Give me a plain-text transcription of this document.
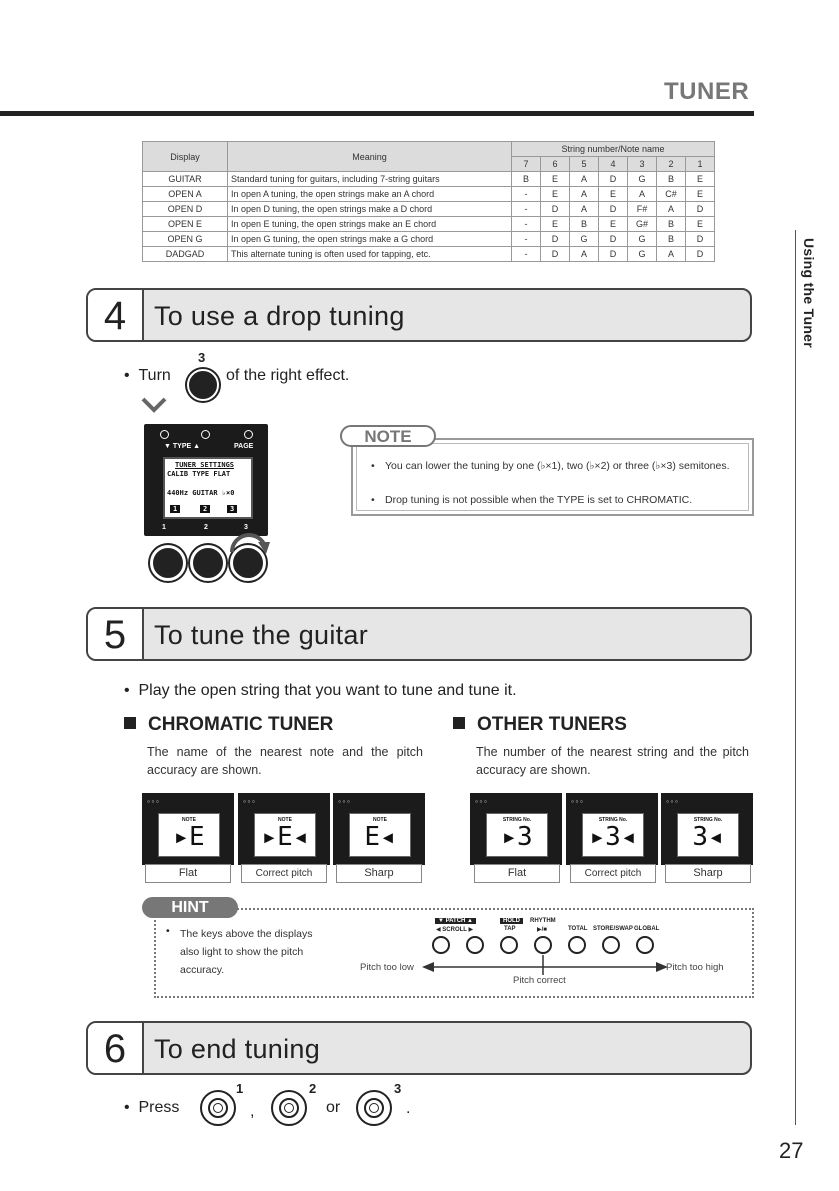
TUNER
Using the Tuner
Display	Meaning	String number/Note name						
		7	6	5	4	3	2	1
GUITAR	Standard tuning for guitars, including 7-string guitars	B	E	A	D	G	B	E
OPEN A	In open A tuning, the open strings make an A chord	-	E	A	E	A	C#	E
OPEN D	In open D tuning, the open strings make a D chord	-	D	A	D	F#	A	D
OPEN E	In open E tuning, the open strings make an E chord	-	E	B	E	G#	B	E
OPEN G	In open G tuning, the open strings make a G chord	-	D	G	D	G	B	D
DADGAD	This alternate tuning is often used for tapping, etc.	-	D	A	D	G	A	D
4	To use a drop tuning
•  Turn
3
of the right effect.
▼ TYPE ▲	PAGE
TUNER SETTINGS
CALIB TYPE FLAT
440Hz GUITAR ♭×0
1	2	3
1	2	3
• You can lower the tuning by one (♭×1), two (♭×2) or three (♭×3) semitones.
• Drop tuning is not possible when the TYPE is set to CHROMATIC.
NOTE
5	To tune the guitar
•  Play the open string that you want to tune and tune it.
CHROMATIC TUNER
The name of the nearest note and the pitch accuracy are shown.
OTHER TUNERS
The number of the nearest string and the pitch accuracy are shown.
○ ○ ○
NOTE
▸E
○ ○ ○
NOTE
▸E◂
○ ○ ○
NOTE
E◂
Flat	Correct pitch	Sharp
○ ○ ○
STRING No.
▸3
○ ○ ○
STRING No.
▸3◂
○ ○ ○
STRING No.
3◂
Flat	Correct pitch	Sharp
HINT
• The keys above the displays also light to show the pitch accuracy.
▼ PATCH ▲
◀ SCROLL ▶
HOLD
TAP
RHYTHM
▶/■	TOTAL STORE/SWAP GLOBAL
Pitch too low	Pitch too high
Pitch correct
6	To end tuning
•  Press
1
,
2
or
3
.
27
